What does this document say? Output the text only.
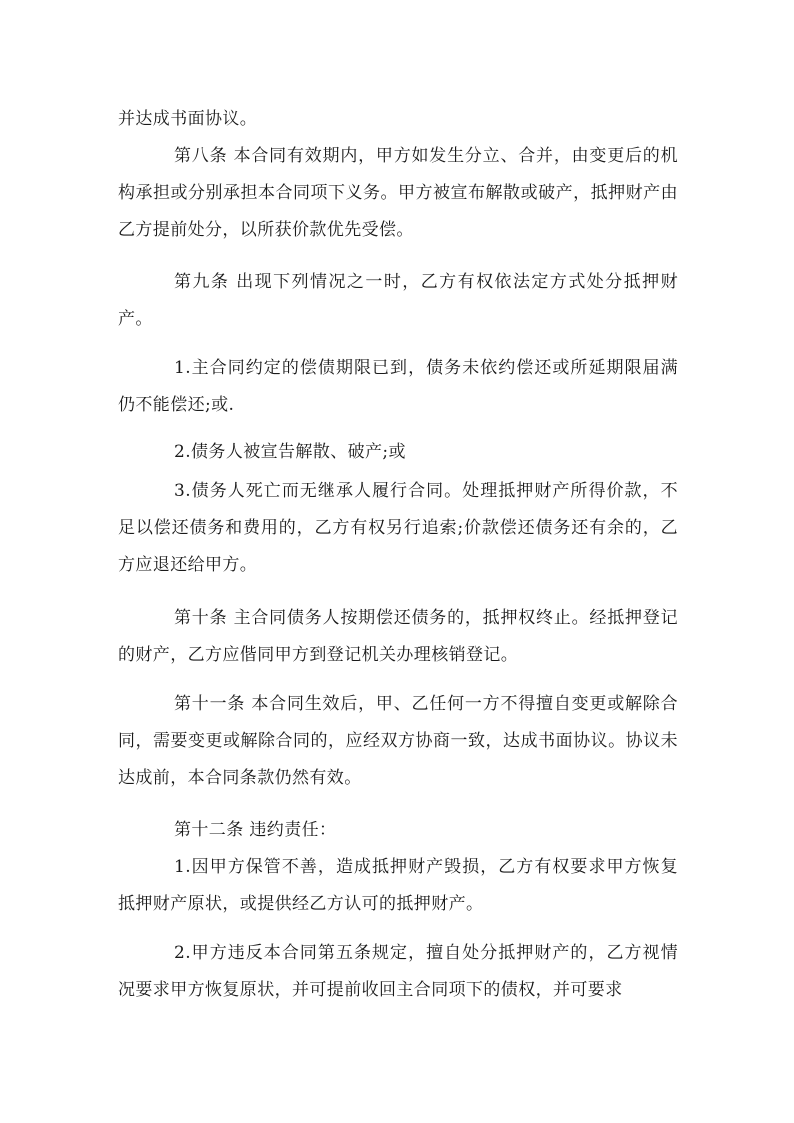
并达成书面协议。

第八条 本合同有效期内，甲方如发生分立、合并，由变更后的机构承担或分别承担本合同项下义务。甲方被宣布解散或破产，抵押财产由乙方提前处分，以所获价款优先受偿。

第九条 出现下列情况之一时，乙方有权依法定方式处分抵押财产。

1.主合同约定的偿债期限已到，债务未依约偿还或所延期限届满仍不能偿还;或.

2.债务人被宣告解散、破产;或

3.债务人死亡而无继承人履行合同。处理抵押财产所得价款，不足以偿还债务和费用的，乙方有权另行追索;价款偿还债务还有余的，乙方应退还给甲方。

第十条 主合同债务人按期偿还债务的，抵押权终止。经抵押登记的财产，乙方应偕同甲方到登记机关办理核销登记。

第十一条 本合同生效后，甲、乙任何一方不得擅自变更或解除合同，需要变更或解除合同的，应经双方协商一致，达成书面协议。协议未达成前，本合同条款仍然有效。

第十二条 违约责任：

1.因甲方保管不善，造成抵押财产毁损，乙方有权要求甲方恢复抵押财产原状，或提供经乙方认可的抵押财产。

2.甲方违反本合同第五条规定，擅自处分抵押财产的，乙方视情况要求甲方恢复原状，并可提前收回主合同项下的债权，并可要求
